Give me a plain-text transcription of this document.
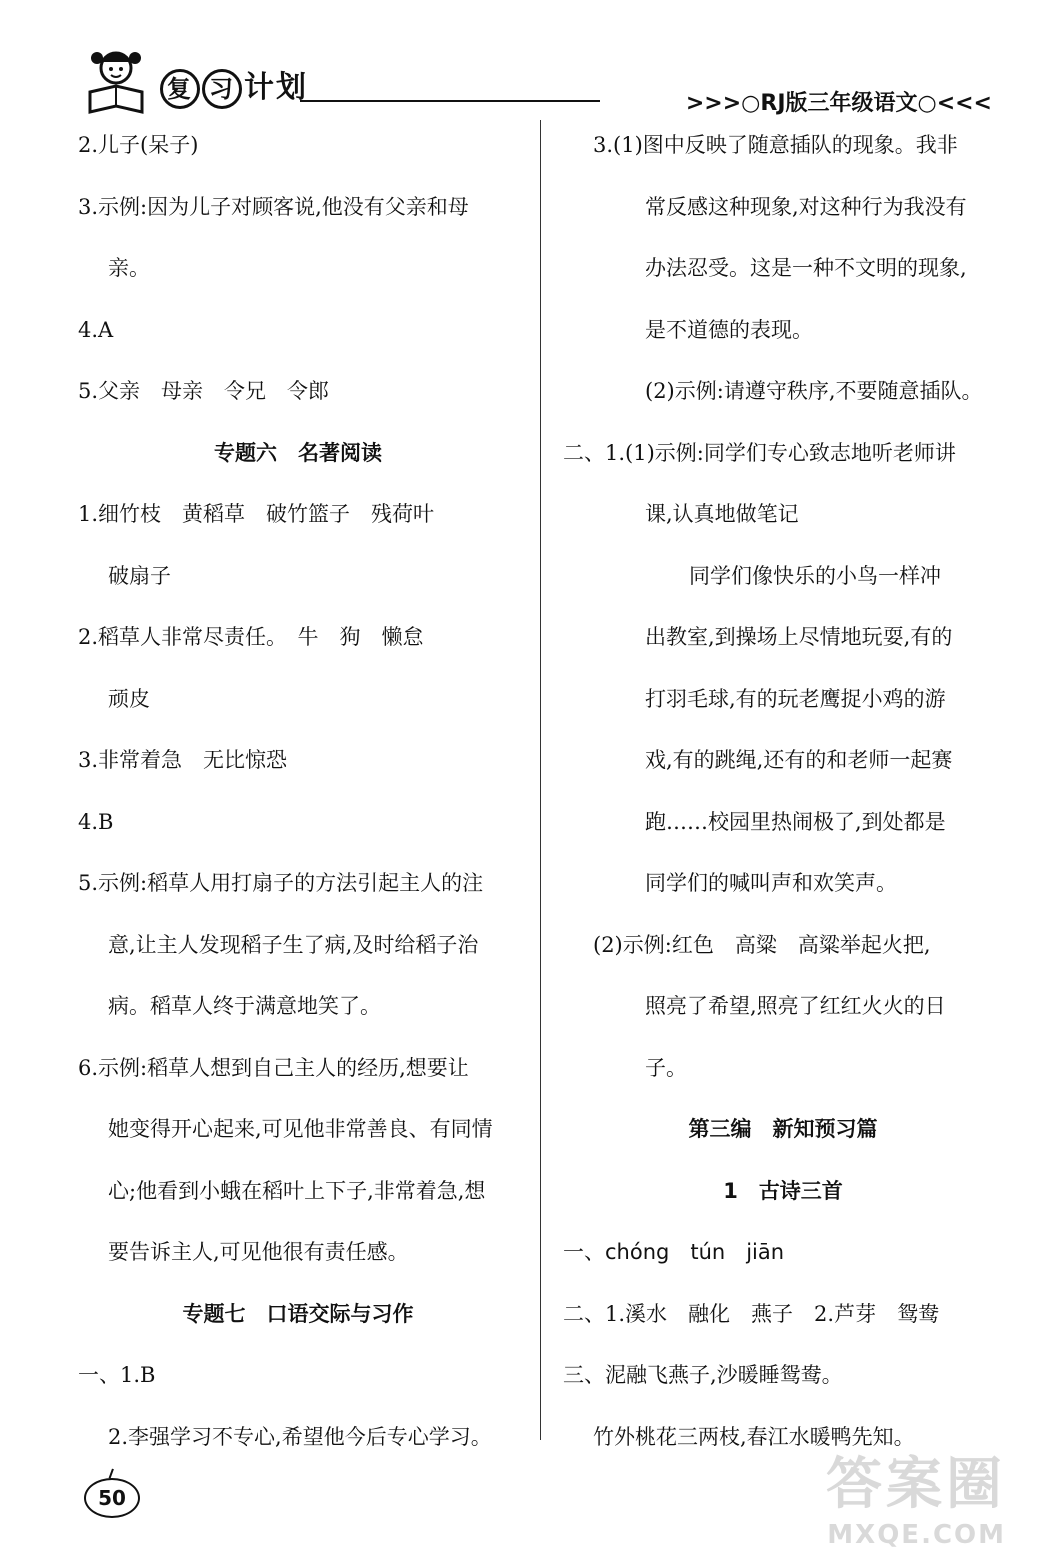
复 习 计划	>>>○RJ版三年级语文○<<<
2.儿子(呆子)
3.示例:因为儿子对顾客说,他没有父亲和母
亲。
4.A
5.父亲　母亲　令兄　令郎
专题六　名著阅读
1.细竹枝　黄稻草　破竹篮子　残荷叶
破扇子
2.稻草人非常尽责任。　牛　狗　懒怠
顽皮
3.非常着急　无比惊恐
4.B
5.示例:稻草人用打扇子的方法引起主人的注
意,让主人发现稻子生了病,及时给稻子治
病。稻草人终于满意地笑了。
6.示例:稻草人想到自己主人的经历,想要让
她变得开心起来,可见他非常善良、有同情
心;他看到小蛾在稻叶上下子,非常着急,想
要告诉主人,可见他很有责任感。
专题七　口语交际与习作
一、1.B
2.李强学习不专心,希望他今后专心学习。
3.(1)图中反映了随意插队的现象。我非
常反感这种现象,对这种行为我没有
办法忍受。这是一种不文明的现象,
是不道德的表现。
(2)示例:请遵守秩序,不要随意插队。
二、1.(1)示例:同学们专心致志地听老师讲
课,认真地做笔记
同学们像快乐的小鸟一样冲
出教室,到操场上尽情地玩耍,有的
打羽毛球,有的玩老鹰捉小鸡的游
戏,有的跳绳,还有的和老师一起赛
跑……校园里热闹极了,到处都是
同学们的喊叫声和欢笑声。
(2)示例:红色　高粱　高粱举起火把,
照亮了希望,照亮了红红火火的日
子。
第三编　新知预习篇
1　古诗三首
一、chóng　tún　jiān
二、1.溪水　融化　燕子　2.芦芽　鸳鸯
三、泥融飞燕子,沙暖睡鸳鸯。
竹外桃花三两枝,春江水暖鸭先知。
50	答案圈
MXQE.COM
